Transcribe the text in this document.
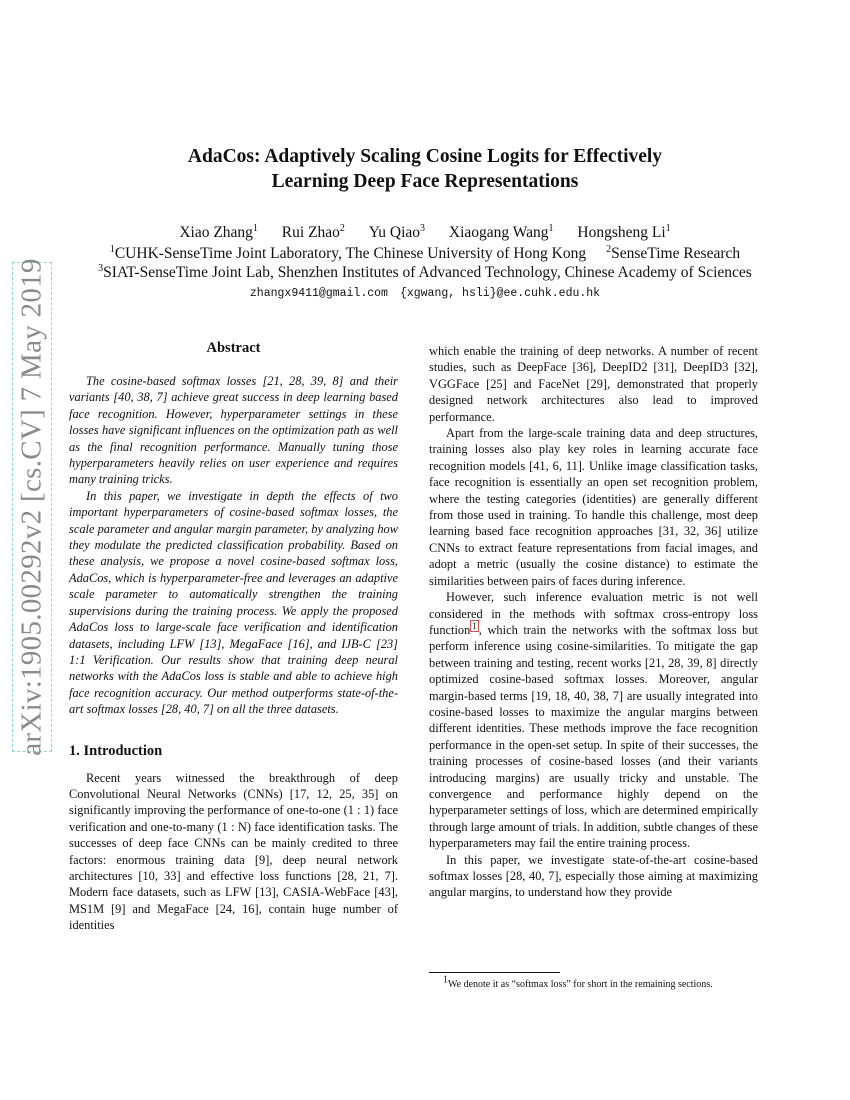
arXiv:1905.00292v2 [cs.CV] 7 May 2019
AdaCos: Adaptively Scaling Cosine Logits for Effectively
Learning Deep Face Representations
Xiao Zhang$^1$ Rui Zhao$^2$ Yu Qiao$^3$ Xiaogang Wang$^1$ Hongsheng Li$^1$
$^1$CUHK-SenseTime Joint Laboratory, The Chinese University of Hong Kong $^2$SenseTime Research
$^3$SIAT-SenseTime Joint Lab, Shenzhen Institutes of Advanced Technology, Chinese Academy of Sciences
zhangx9411@gmail.com {xgwang, hsli}@ee.cuhk.edu.hk
Abstract

The cosine-based softmax losses [21, 28, 39, 8] and their variants [40, 38, 7] achieve great success in deep learning based face recognition. However, hyperparameter settings in these losses have significant influences on the optimization path as well as the final recognition performance. Manually tuning those hyperparameters heavily relies on user experience and requires many training tricks.

In this paper, we investigate in depth the effects of two important hyperparameters of cosine-based softmax losses, the scale parameter and angular margin parameter, by analyzing how they modulate the predicted classification probability. Based on these analysis, we propose a novel cosine-based softmax loss, AdaCos, which is hyperparameter-free and leverages an adaptive scale parameter to automatically strengthen the training supervisions during the training process. We apply the proposed AdaCos loss to large-scale face verification and identification datasets, including LFW [13], MegaFace [16], and IJB-C [23] 1:1 Verification. Our results show that training deep neural networks with the AdaCos loss is stable and able to achieve high face recognition accuracy. Our method outperforms state-of-the-art softmax losses [28, 40, 7] on all the three datasets.

1. Introduction

Recent years witnessed the breakthrough of deep Convolutional Neural Networks (CNNs) [17, 12, 25, 35] on significantly improving the performance of one-to-one (1 : 1) face verification and one-to-many (1 : N) face identification tasks. The successes of deep face CNNs can be mainly credited to three factors: enormous training data [9], deep neural network architectures [10, 33] and effective loss functions [28, 21, 7]. Modern face datasets, such as LFW [13], CASIA-WebFace [43], MS1M [9] and MegaFace [24, 16], contain huge number of identities

which enable the training of deep networks. A number of recent studies, such as DeepFace [36], DeepID2 [31], DeepID3 [32], VGGFace [25] and FaceNet [29], demonstrated that properly designed network architectures also lead to improved performance.

Apart from the large-scale training data and deep structures, training losses also play key roles in learning accurate face recognition models [41, 6, 11]. Unlike image classification tasks, face recognition is essentially an open set recognition problem, where the testing categories (identities) are generally different from those used in training. To handle this challenge, most deep learning based face recognition approaches [31, 32, 36] utilize CNNs to extract feature representations from facial images, and adopt a metric (usually the cosine distance) to estimate the similarities between pairs of faces during inference.

However, such inference evaluation metric is not well considered in the methods with softmax cross-entropy loss function $^1$ , which train the networks with the softmax loss but perform inference using cosine-similarities. To mitigate the gap between training and testing, recent works [21, 28, 39, 8] directly optimized cosine-based softmax losses. Moreover, angular margin-based terms [19, 18, 40, 38, 7] are usually integrated into cosine-based losses to maximize the angular margins between different identities. These methods improve the face recognition performance in the open-set setup. In spite of their successes, the training processes of cosine-based losses (and their variants introducing margins) are usually tricky and unstable. The convergence and performance highly depend on the hyperparameter settings of loss, which are determined empirically through large amount of trials. In addition, subtle changes of these hyperparameters may fail the entire training process.

In this paper, we investigate state-of-the-art cosine-based softmax losses [28, 40, 7], especially those aiming at maximizing angular margins, to understand how they provide

$^1$We denote it as “softmax loss” for short in the remaining sections.
